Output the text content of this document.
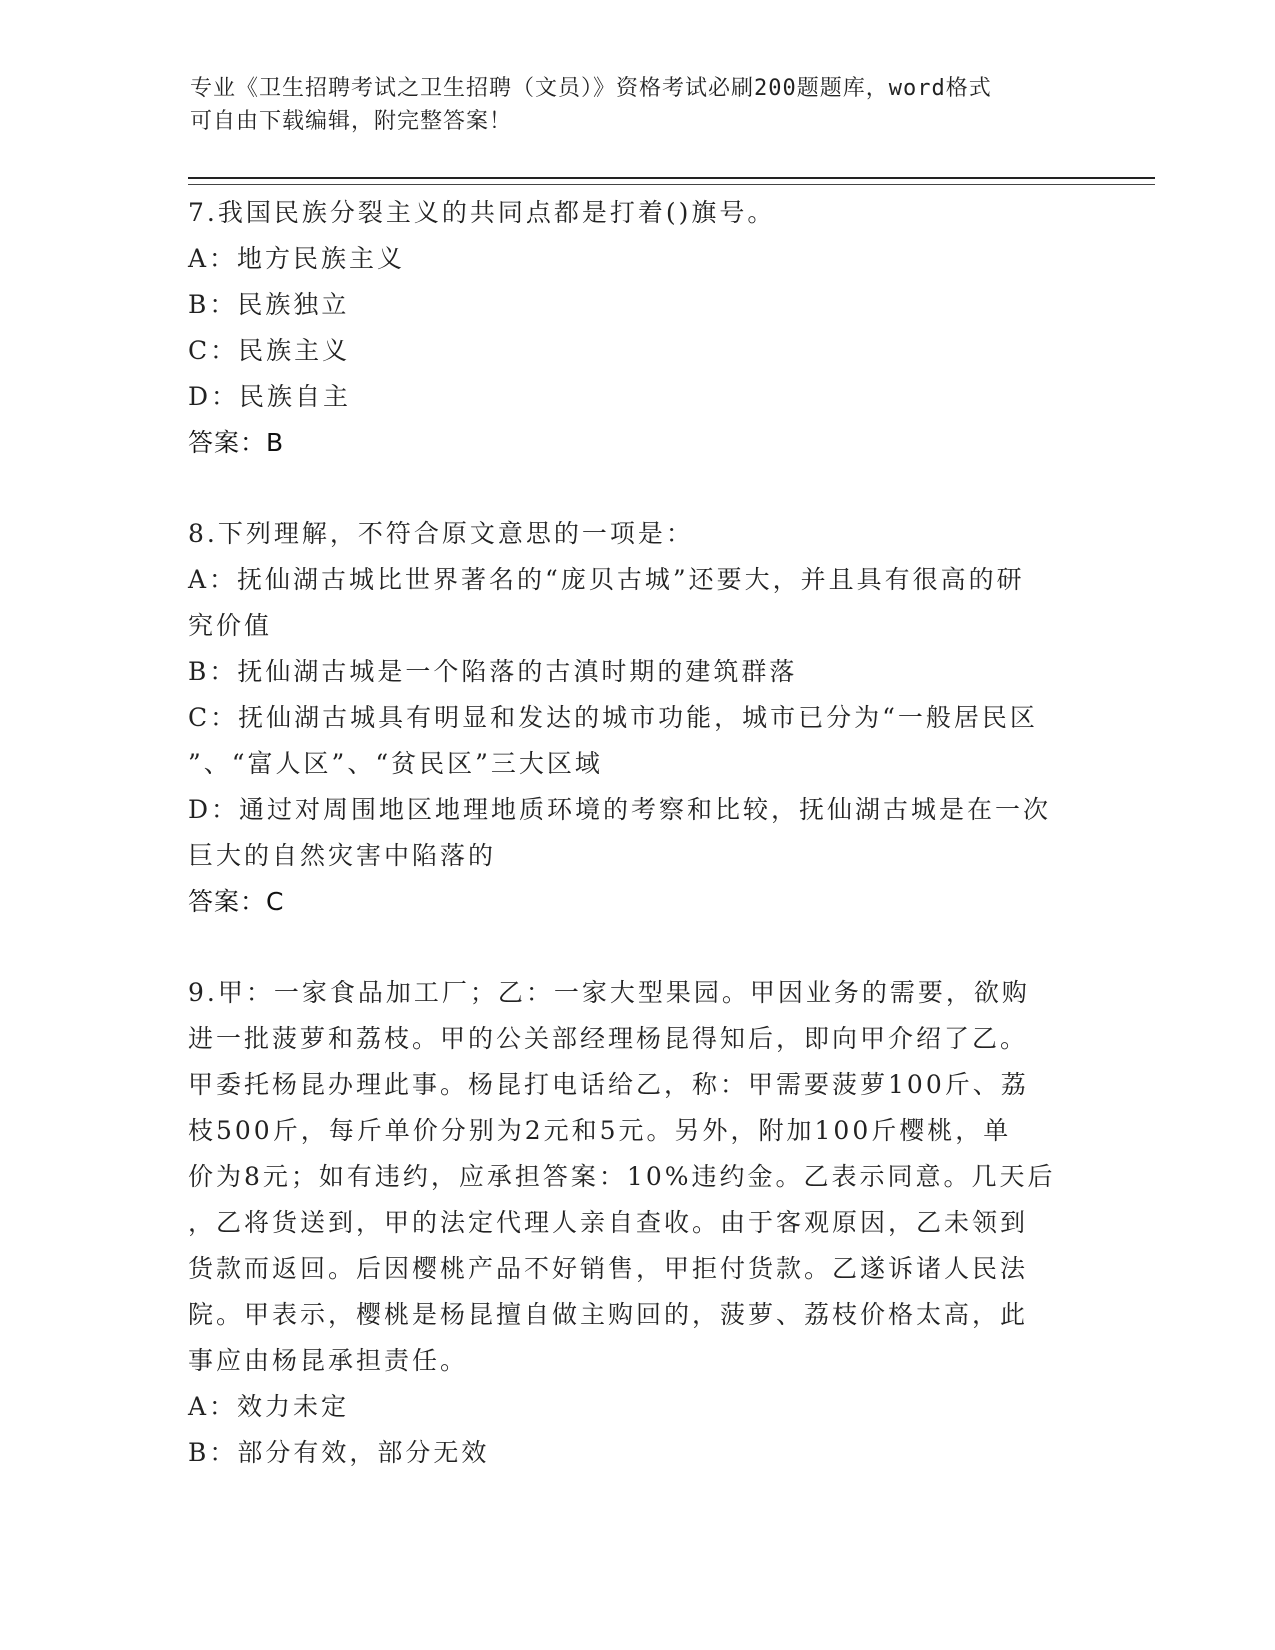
专业《卫生招聘考试之卫生招聘（文员）》资格考试必刷200题题库，word格式
可自由下载编辑，附完整答案！
7.我国民族分裂主义的共同点都是打着()旗号。
A：地方民族主义
B：民族独立
C：民族主义
D：民族自主
答案：B
8.下列理解，不符合原文意思的一项是：
A：抚仙湖古城比世界著名的“庞贝古城”还要大，并且具有很高的研
究价值
B：抚仙湖古城是一个陷落的古滇时期的建筑群落
C：抚仙湖古城具有明显和发达的城市功能，城市已分为“一般居民区
”、“富人区”、“贫民区”三大区域
D：通过对周围地区地理地质环境的考察和比较，抚仙湖古城是在一次
巨大的自然灾害中陷落的
答案：C
9.甲：一家食品加工厂；乙：一家大型果园。甲因业务的需要，欲购
进一批菠萝和荔枝。甲的公关部经理杨昆得知后，即向甲介绍了乙。
甲委托杨昆办理此事。杨昆打电话给乙，称：甲需要菠萝100斤、荔
枝500斤，每斤单价分别为2元和5元。另外，附加100斤樱桃，单
价为8元；如有违约，应承担答案：10%违约金。乙表示同意。几天后
，乙将货送到，甲的法定代理人亲自查收。由于客观原因，乙未领到
货款而返回。后因樱桃产品不好销售，甲拒付货款。乙遂诉诸人民法
院。甲表示，樱桃是杨昆擅自做主购回的，菠萝、荔枝价格太高，此
事应由杨昆承担责任。
A：效力未定
B：部分有效，部分无效
